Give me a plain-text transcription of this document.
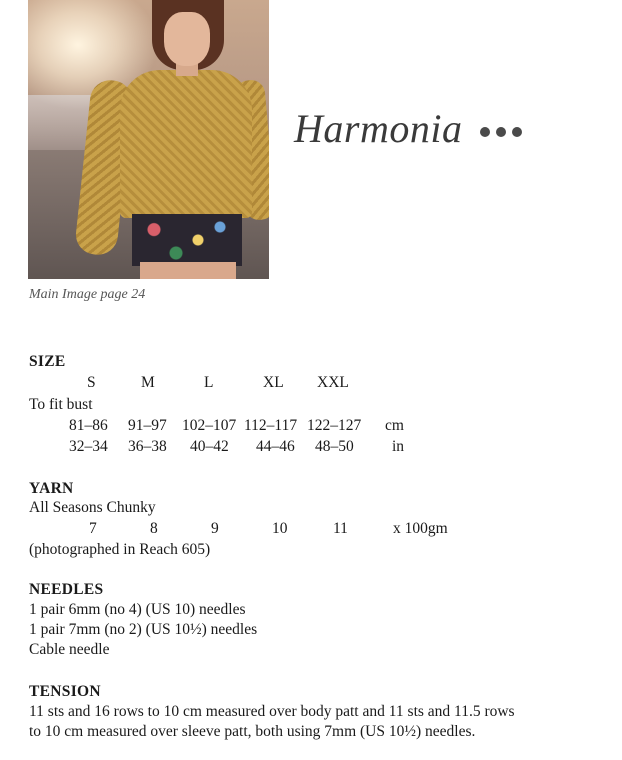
Main Image page 24
Harmonia
SIZE
S	M	L	XL XXL
To fit bust
81–86 91–97 102–107 112–117 122–127 cm
32–34 36–38 40–42 44–46 48–50 in
YARN
All Seasons Chunky
7	8	9	10	11	x 100gm
(photographed in Reach 605)
NEEDLES
1 pair 6mm (no 4) (US 10) needles
1 pair 7mm (no 2) (US 10½) needles
Cable needle
TENSION
11 sts and 16 rows to 10 cm measured over body patt and 11 sts and 11.5 rows
to 10 cm measured over sleeve patt, both using 7mm (US 10½) needles.
